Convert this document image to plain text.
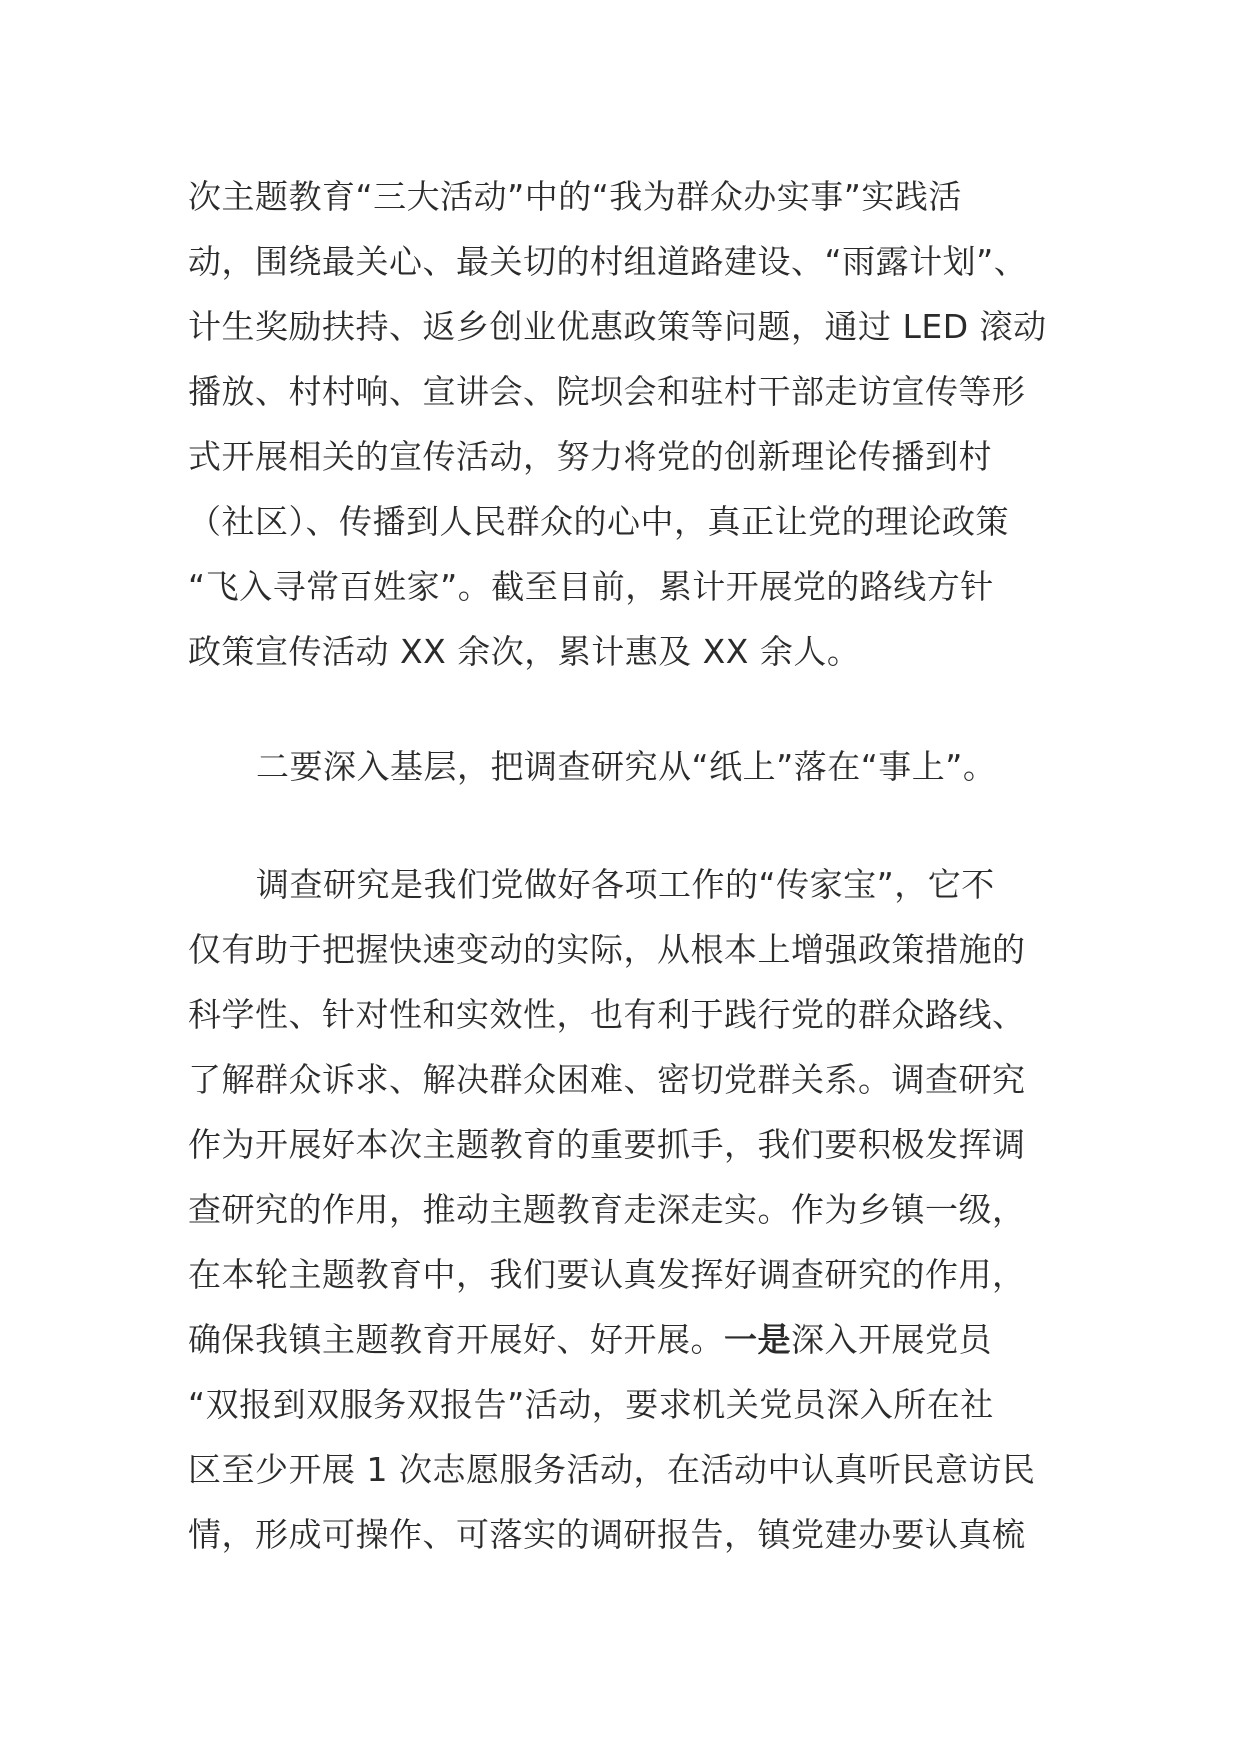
次主题教育“三大活动”中的“我为群众办实事”实践活

动，围绕最关心、最关切的村组道路建设、“雨露计划”、

计生奖励扶持、返乡创业优惠政策等问题，通过 LED 滚动

播放、村村响、宣讲会、院坝会和驻村干部走访宣传等形

式开展相关的宣传活动，努力将党的创新理论传播到村

（社区）、传播到人民群众的心中，真正让党的理论政策

“飞入寻常百姓家”。截至目前，累计开展党的路线方针

政策宣传活动 XX 余次，累计惠及 XX 余人。

二要深入基层，把调查研究从“纸上”落在“事上”。

调查研究是我们党做好各项工作的“传家宝”，它不

仅有助于把握快速变动的实际，从根本上增强政策措施的

科学性、针对性和实效性，也有利于践行党的群众路线、

了解群众诉求、解决群众困难、密切党群关系。调查研究

作为开展好本次主题教育的重要抓手，我们要积极发挥调

查研究的作用，推动主题教育走深走实。作为乡镇一级，

在本轮主题教育中，我们要认真发挥好调查研究的作用，

确保我镇主题教育开展好、好开展。一是深入开展党员

“双报到双服务双报告”活动，要求机关党员深入所在社

区至少开展 1 次志愿服务活动，在活动中认真听民意访民

情，形成可操作、可落实的调研报告，镇党建办要认真梳
